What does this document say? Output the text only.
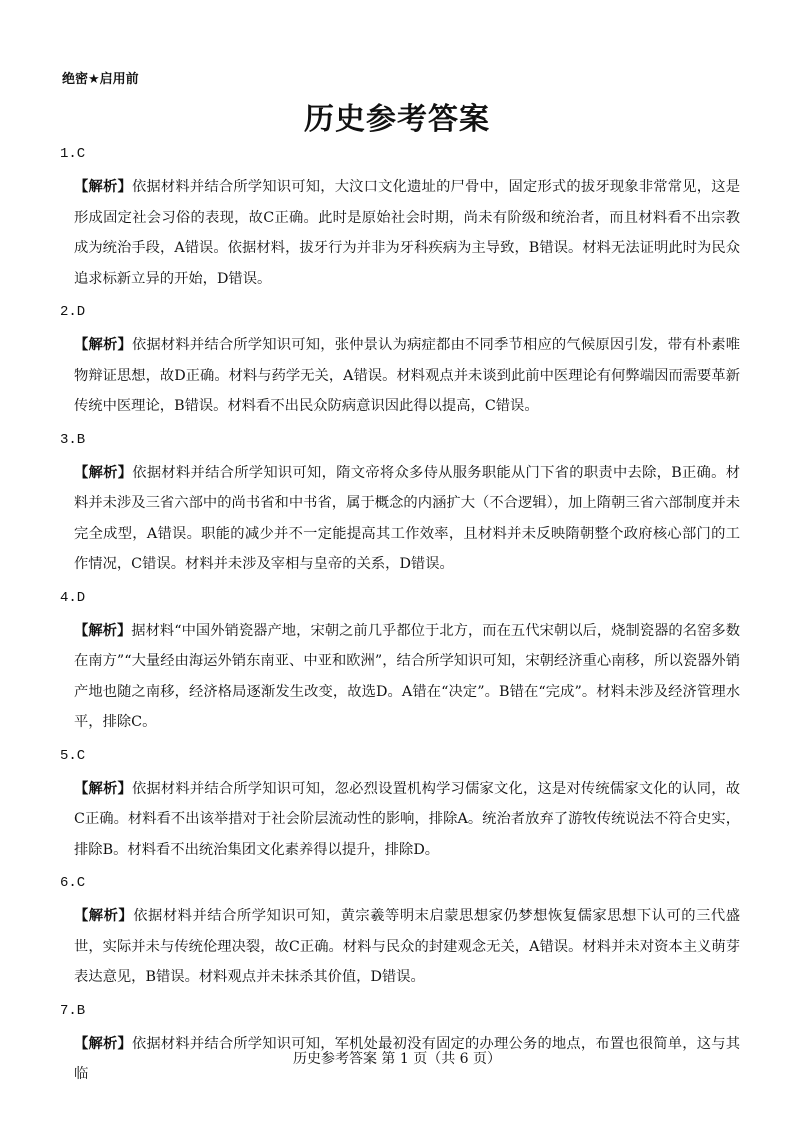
绝密★启用前
历史参考答案
1.C
【解析】依据材料并结合所学知识可知，大汶口文化遗址的尸骨中，固定形式的拔牙现象非常常见，这是形成固定社会习俗的表现，故C正确。此时是原始社会时期，尚未有阶级和统治者，而且材料看不出宗教成为统治手段，A错误。依据材料，拔牙行为并非为牙科疾病为主导致，B错误。材料无法证明此时为民众追求标新立异的开始，D错误。
2.D
【解析】依据材料并结合所学知识可知，张仲景认为病症都由不同季节相应的气候原因引发，带有朴素唯物辩证思想，故D正确。材料与药学无关，A错误。材料观点并未谈到此前中医理论有何弊端因而需要革新传统中医理论，B错误。材料看不出民众防病意识因此得以提高，C错误。
3.B
【解析】依据材料并结合所学知识可知，隋文帝将众多侍从服务职能从门下省的职责中去除，B正确。材料并未涉及三省六部中的尚书省和中书省，属于概念的内涵扩大（不合逻辑），加上隋朝三省六部制度并未完全成型，A错误。职能的减少并不一定能提高其工作效率，且材料并未反映隋朝整个政府核心部门的工作情况，C错误。材料并未涉及宰相与皇帝的关系，D错误。
4.D
【解析】据材料“中国外销瓷器产地，宋朝之前几乎都位于北方，而在五代宋朝以后，烧制瓷器的名窑多数在南方”“大量经由海运外销东南亚、中亚和欧洲”，结合所学知识可知，宋朝经济重心南移，所以瓷器外销产地也随之南移，经济格局逐渐发生改变，故选D。A错在“决定”。B错在“完成”。材料未涉及经济管理水平，排除C。
5.C
【解析】依据材料并结合所学知识可知，忽必烈设置机构学习儒家文化，这是对传统儒家文化的认同，故C正确。材料看不出该举措对于社会阶层流动性的影响，排除A。统治者放弃了游牧传统说法不符合史实，排除B。材料看不出统治集团文化素养得以提升，排除D。
6.C
【解析】依据材料并结合所学知识可知，黄宗羲等明末启蒙思想家仍梦想恢复儒家思想下认可的三代盛世，实际并未与传统伦理决裂，故C正确。材料与民众的封建观念无关，A错误。材料并未对资本主义萌芽表达意见，B错误。材料观点并未抹杀其价值，D错误。
7.B
【解析】依据材料并结合所学知识可知，军机处最初没有固定的办理公务的地点，布置也很简单，这与其临
历史参考答案 第 1 页（共 6 页）
